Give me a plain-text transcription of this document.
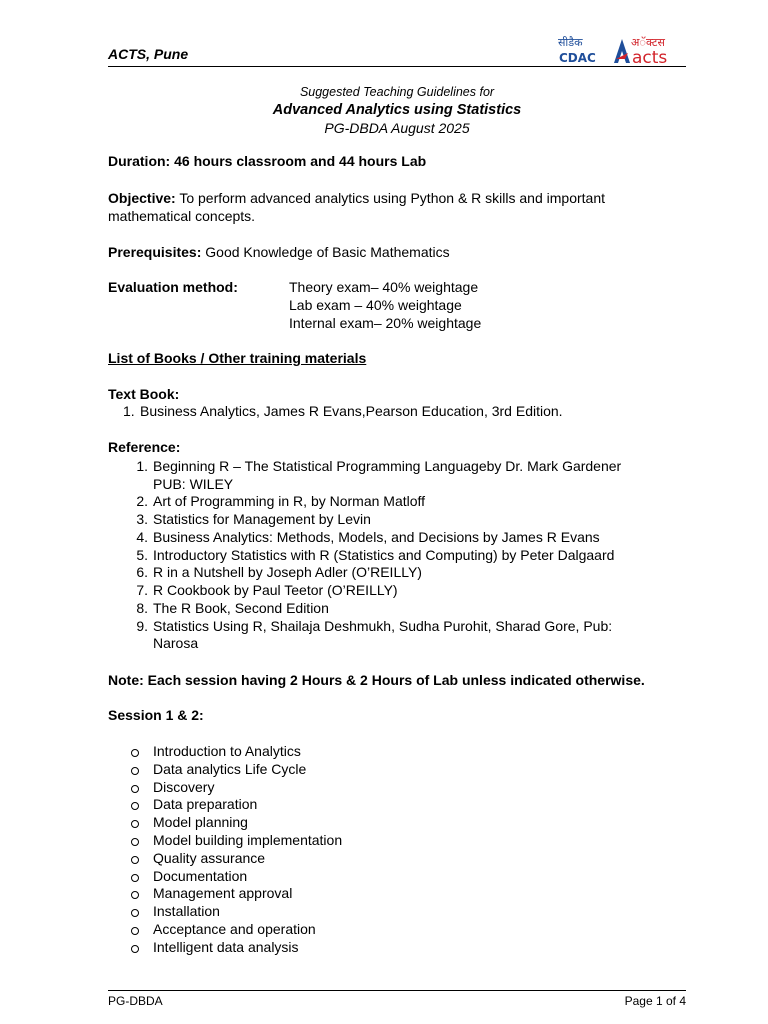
ACTS, Pune
सीडैक
CDAC
अॅक्टस
acts
Suggested Teaching Guidelines for
Advanced Analytics using Statistics
PG-DBDA August 2025
Duration: 46 hours classroom and 44 hours Lab
Objective: To perform advanced analytics using Python & R skills and important
mathematical concepts.
Prerequisites: Good Knowledge of Basic Mathematics
Evaluation method:	Theory exam– 40% weightage
Lab exam – 40% weightage
Internal exam– 20% weightage
List of Books / Other training materials
Text Book:
1. Business Analytics, James R Evans,Pearson Education, 3rd Edition.
Reference:
1. Beginning R – The Statistical Programming Languageby Dr. Mark Gardener
PUB: WILEY
2. Art of Programming in R, by Norman Matloff
3. Statistics for Management by Levin
4. Business Analytics: Methods, Models, and Decisions by James R Evans
5. Introductory Statistics with R (Statistics and Computing) by Peter Dalgaard
6. R in a Nutshell by Joseph Adler (O’REILLY)
7. R Cookbook by Paul Teetor (O’REILLY)
8. The R Book, Second Edition
9. Statistics Using R, Shailaja Deshmukh, Sudha Purohit, Sharad Gore, Pub:
Narosa
Note: Each session having 2 Hours & 2 Hours of Lab unless indicated otherwise.
Session 1 & 2:
Introduction to Analytics
Data analytics Life Cycle
Discovery
Data preparation
Model planning
Model building implementation
Quality assurance
Documentation
Management approval
Installation
Acceptance and operation
Intelligent data analysis
PG-DBDA	Page 1 of 4
